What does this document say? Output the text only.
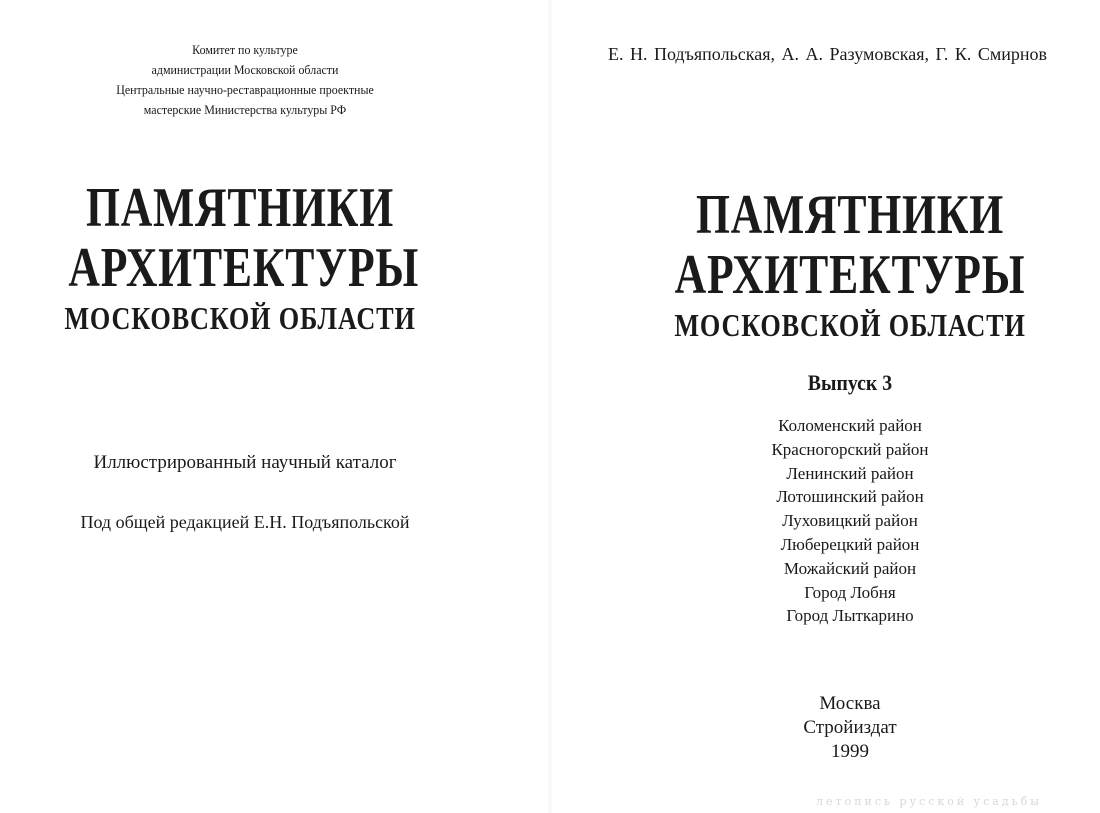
Комитет по культуре
администрации Московской области
Центральные научно-реставрационные проектные
мастерские Министерства культуры РФ
ПАМЯТНИКИ
АРХИТЕКТУРЫ
МОСКОВСКОЙ ОБЛАСТИ
Иллюстрированный научный каталог
Под общей редакцией Е.Н. Подъяпольской
Е. Н. Подъяпольская, А. А. Разумовская, Г. К. Смирнов
ПАМЯТНИКИ
АРХИТЕКТУРЫ
МОСКОВСКОЙ ОБЛАСТИ
Выпуск 3
Коломенский район
Красногорский район
Ленинский район
Лотошинский район
Луховицкий район
Люберецкий район
Можайский район
Город Лобня
Город Лыткарино
Москва
Стройиздат
1999
летопись русской усадьбы
